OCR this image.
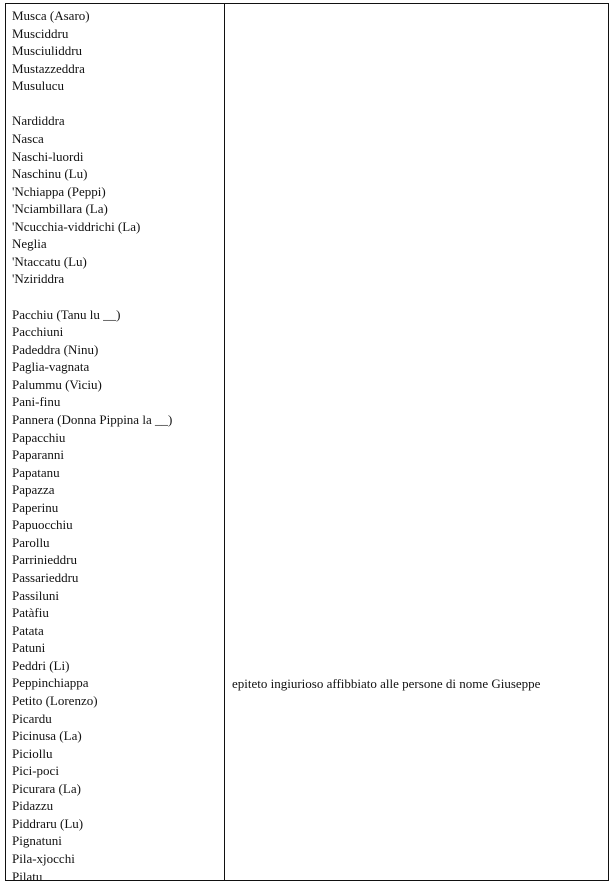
Musca (Asaro)
Musciddru
Musciuliddru
Mustazzeddra
Musulucu
Nardiddra
Nasca
Naschi-luordi
Naschinu (Lu)
'Nchiappa (Peppi)
'Nciambillara (La)
'Ncucchia-viddrichi (La)
Neglia
'Ntaccatu (Lu)
'Nziriddra
Pacchiu (Tanu lu __)
Pacchiuni
Padeddra (Ninu)
Paglia-vagnata
Palummu (Viciu)
Pani-finu
Pannera (Donna Pippina la __)
Papacchiu
Paparanni
Papatanu
Papazza
Paperinu
Papuocchiu
Parollu
Parrinieddru
Passarieddru
Passiluni
Patàfiu
Patata
Patuni
Peddri (Li)
Peppinchiappa
Petito (Lorenzo)
Picardu
Picinusa (La)
Piciollu
Pici-poci
Picurara (La)
Pidazzu
Piddraru (Lu)
Pignatuni
Pila-xjocchi
Pilatu
epiteto ingiurioso affibbiato alle persone di nome Giuseppe
